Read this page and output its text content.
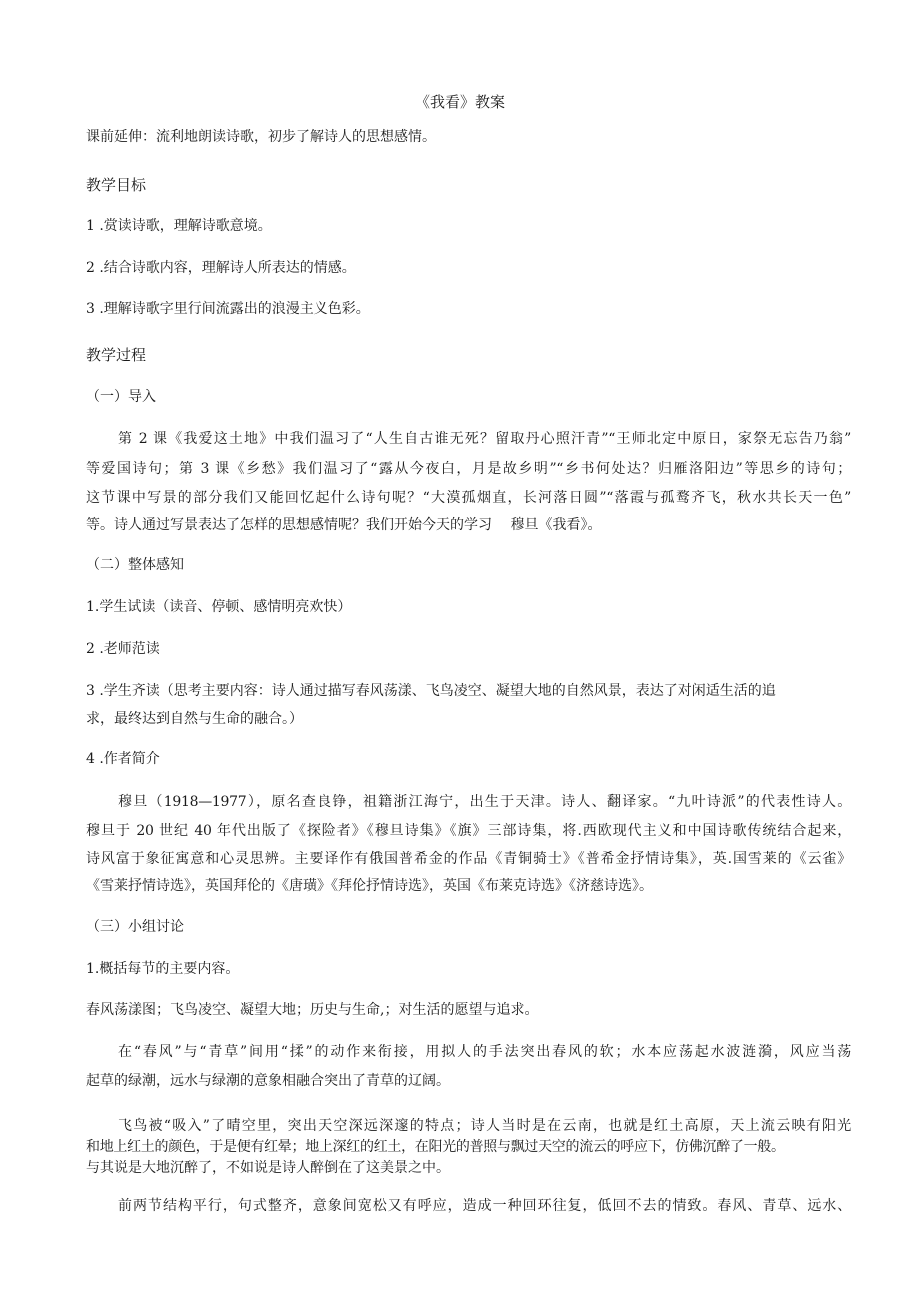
《我看》教案
课前延伸：流利地朗读诗歌，初步了解诗人的思想感情。
教学目标
1 .赏读诗歌，理解诗歌意境。
2 .结合诗歌内容，理解诗人所表达的情感。
3 .理解诗歌字里行间流露出的浪漫主义色彩。
教学过程
（一）导入
第 2 课《我爱这土地》中我们温习了“人生自古谁无死？留取丹心照汗青”“王师北定中原日，家祭无忘告乃翁”
等爱国诗句；第 3 课《乡愁》我们温习了“露从今夜白，月是故乡明”“乡书何处达？归雁洛阳边”等思乡的诗句；
这节课中写景的部分我们又能回忆起什么诗句呢？“大漠孤烟直，长河落日圆”“落霞与孤鹜齐飞，秋水共长天一色”
等。诗人通过写景表达了怎样的思想感情呢？我们开始今天的学习　 穆旦《我看》。
（二）整体感知
1.学生试读（读音、停顿、感情明亮欢快）
2 .老师范读
3 .学生齐读（思考主要内容：诗人通过描写春风荡漾、飞鸟凌空、凝望大地的自然风景，表达了对闲适生活的追
求，最终达到自然与生命的融合。）
4 .作者简介
穆旦（1918—1977），原名查良铮，祖籍浙江海宁，出生于天津。诗人、翻译家。“九叶诗派”的代表性诗人。
穆旦于 20 世纪 40 年代出版了《探险者》《穆旦诗集》《旗》三部诗集，将.西欧现代主义和中国诗歌传统结合起来，
诗风富于象征寓意和心灵思辨。主要译作有俄国普希金的作品《青铜骑士》《普希金抒情诗集》，英.国雪莱的《云雀》
《雪莱抒情诗选》，英国拜伦的《唐璜》《拜伦抒情诗选》，英国《布莱克诗选》《济慈诗选》。
（三）小组讨论
1.概括每节的主要内容。
春风荡漾图；飞鸟凌空、凝望大地；历史与生命,；对生活的愿望与追求。
在“春风”与“青草”间用“揉”的动作来衔接，用拟人的手法突出春风的软；水本应荡起水波涟漪，风应当荡
起草的绿潮，远水与绿潮的意象相融合突出了青草的辽阔。
飞鸟被“吸入”了晴空里，突出天空深远深邃的特点；诗人当时是在云南，也就是红土高原，天上流云映有阳光
和地上红土的颜色，于是便有红晕；地上深红的红土，在阳光的普照与飘过天空的流云的呼应下，仿佛沉醉了一般。
与其说是大地沉醉了，不如说是诗人醉倒在了这美景之中。
前两节结构平行，句式整齐，意象间宽松又有呼应，造成一种回环往复，低回不去的情致。春风、青草、远水、
